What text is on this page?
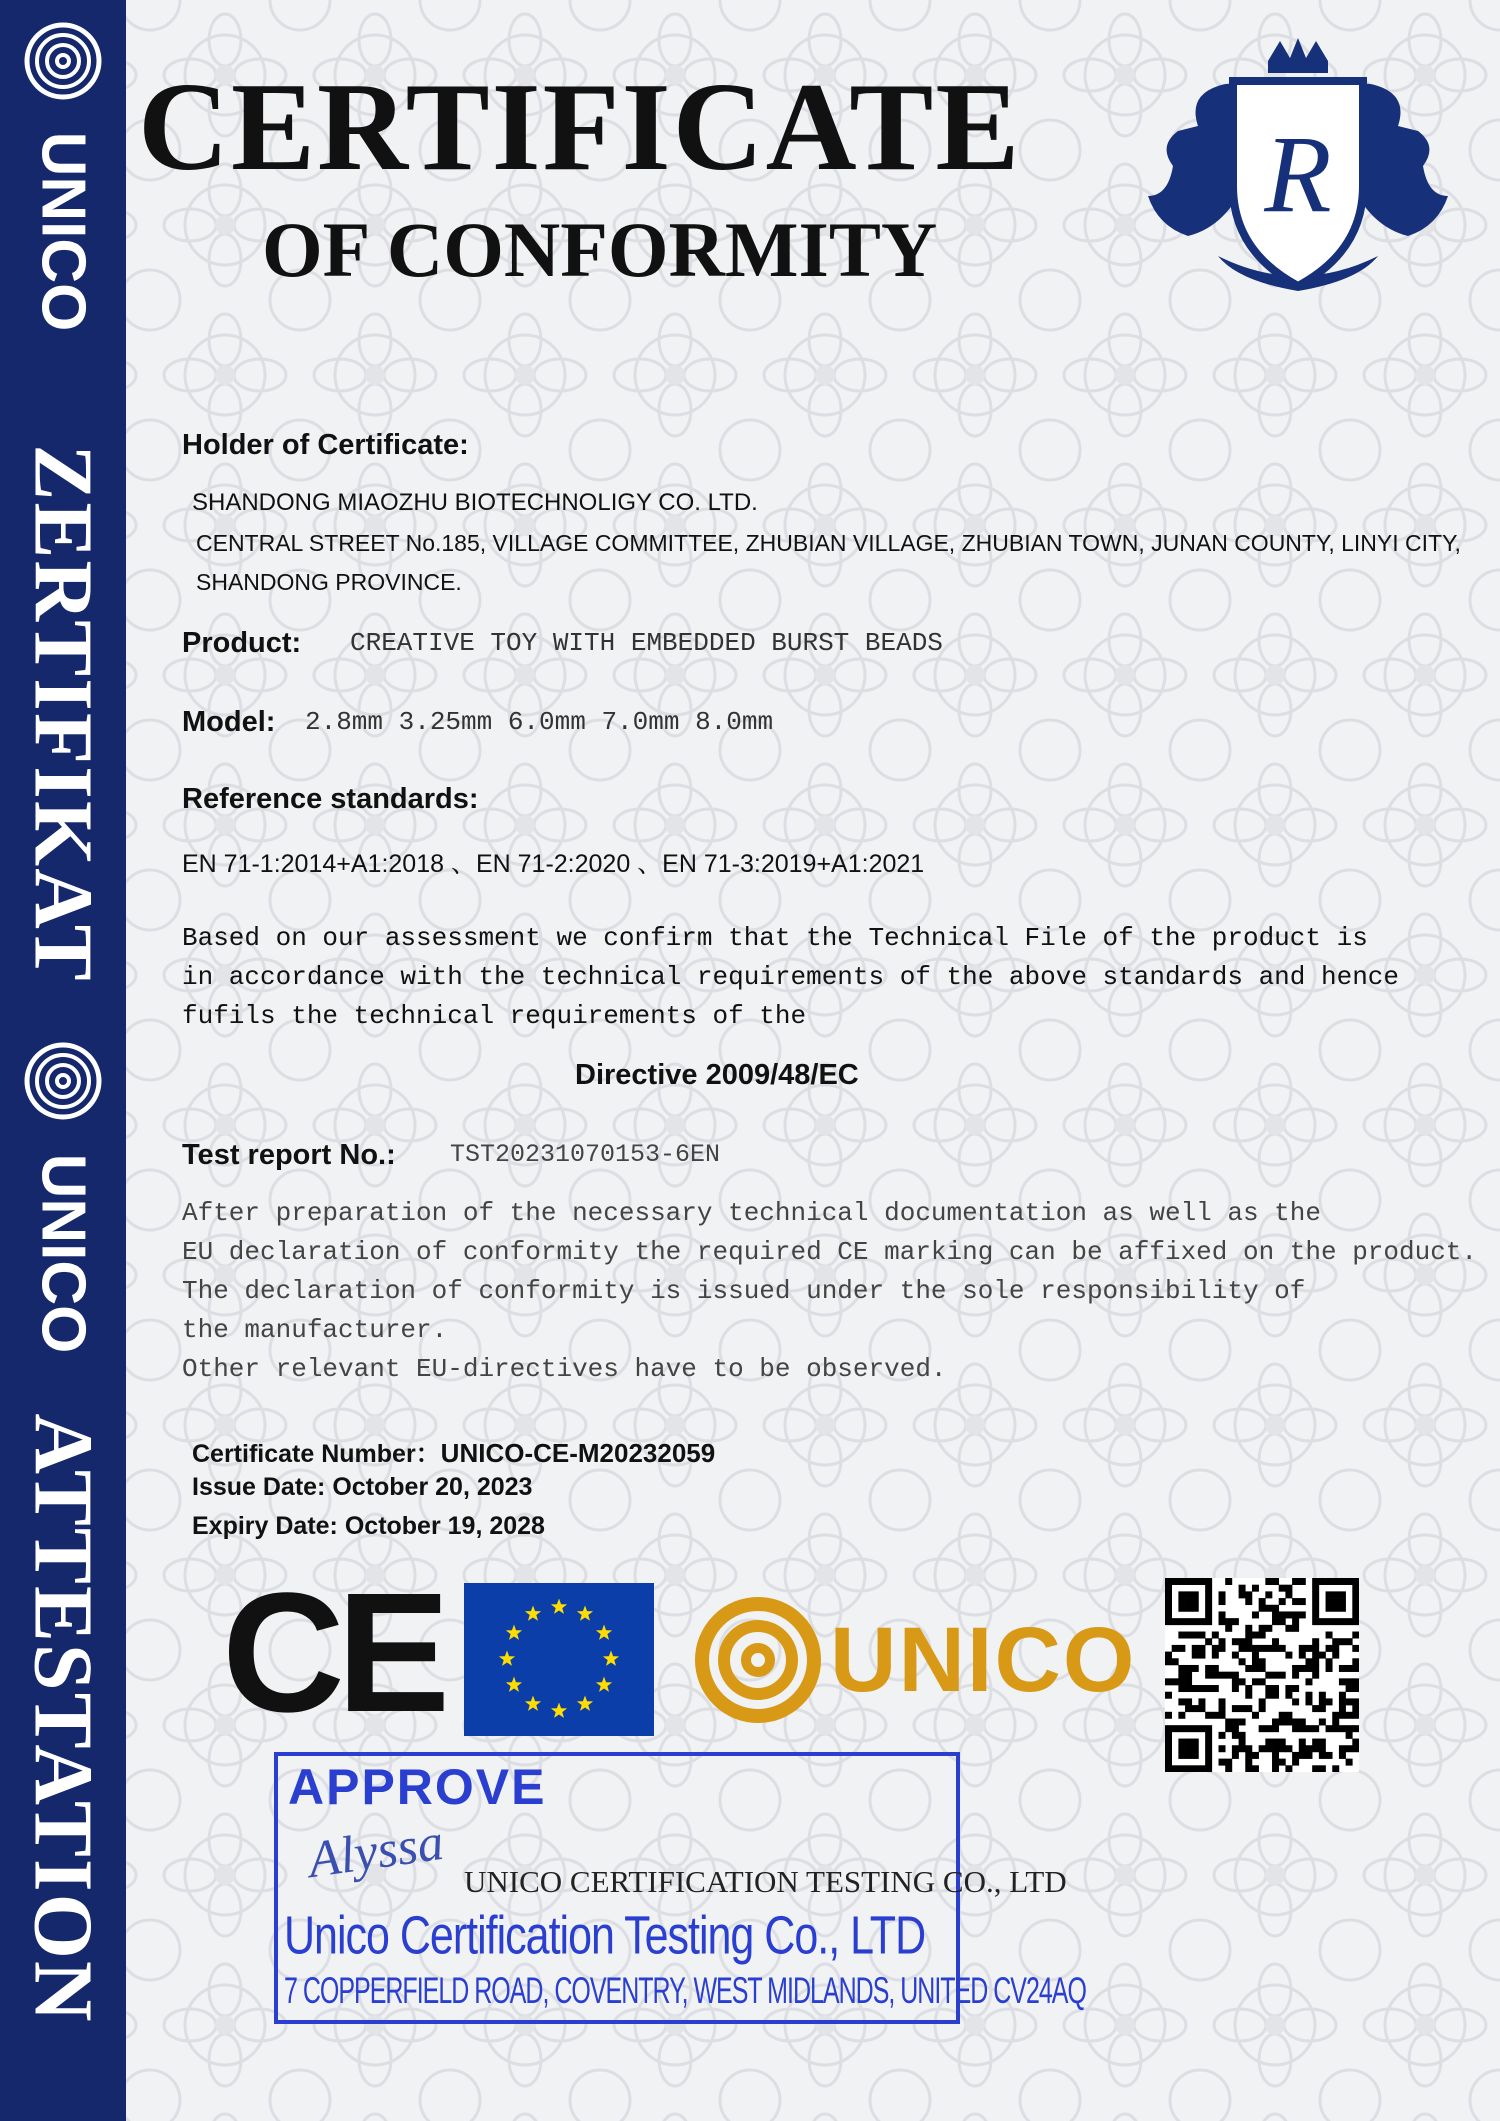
UNICO
ZERTIFIKAT
UNICO
ATTESTATION
CERTIFICATE
OF CONFORMITY
R
Holder of Certificate:
SHANDONG MIAOZHU BIOTECHNOLIGY CO. LTD.
CENTRAL STREET No.185, VILLAGE COMMITTEE, ZHUBIAN VILLAGE, ZHUBIAN TOWN, JUNAN COUNTY, LINYI CITY,
SHANDONG PROVINCE.
Product: CREATIVE TOY WITH EMBEDDED BURST BEADS
Model: 2.8mm 3.25mm 6.0mm 7.0mm 8.0mm
Reference standards:
EN 71-1:2014+A1:2018 、EN 71-2:2020 、EN 71-3:2019+A1:2021
Based on our assessment we confirm that the Technical File of the product is
in accordance with the technical requirements of the above standards and hence
fufils the technical requirements of the
Directive 2009/48/EC
Test report No.: TST20231070153-6EN
After preparation of the necessary technical documentation as well as the
EU declaration of conformity the required CE marking can be affixed on the product.
The declaration of conformity is issued under the sole responsibility of
the manufacturer.
Other relevant EU-directives have to be observed.
Certificate Number：UNICO-CE-M20232059
Issue Date: October 20, 2023
Expiry Date: October 19, 2028
CE	UNICO
APPROVE
Alyssa UNICO CERTIFICATION TESTING CO., LTD
Unico Certification Testing Co., LTD
7 COPPERFIELD ROAD, COVENTRY, WEST MIDLANDS, UNITED CV24AQ
